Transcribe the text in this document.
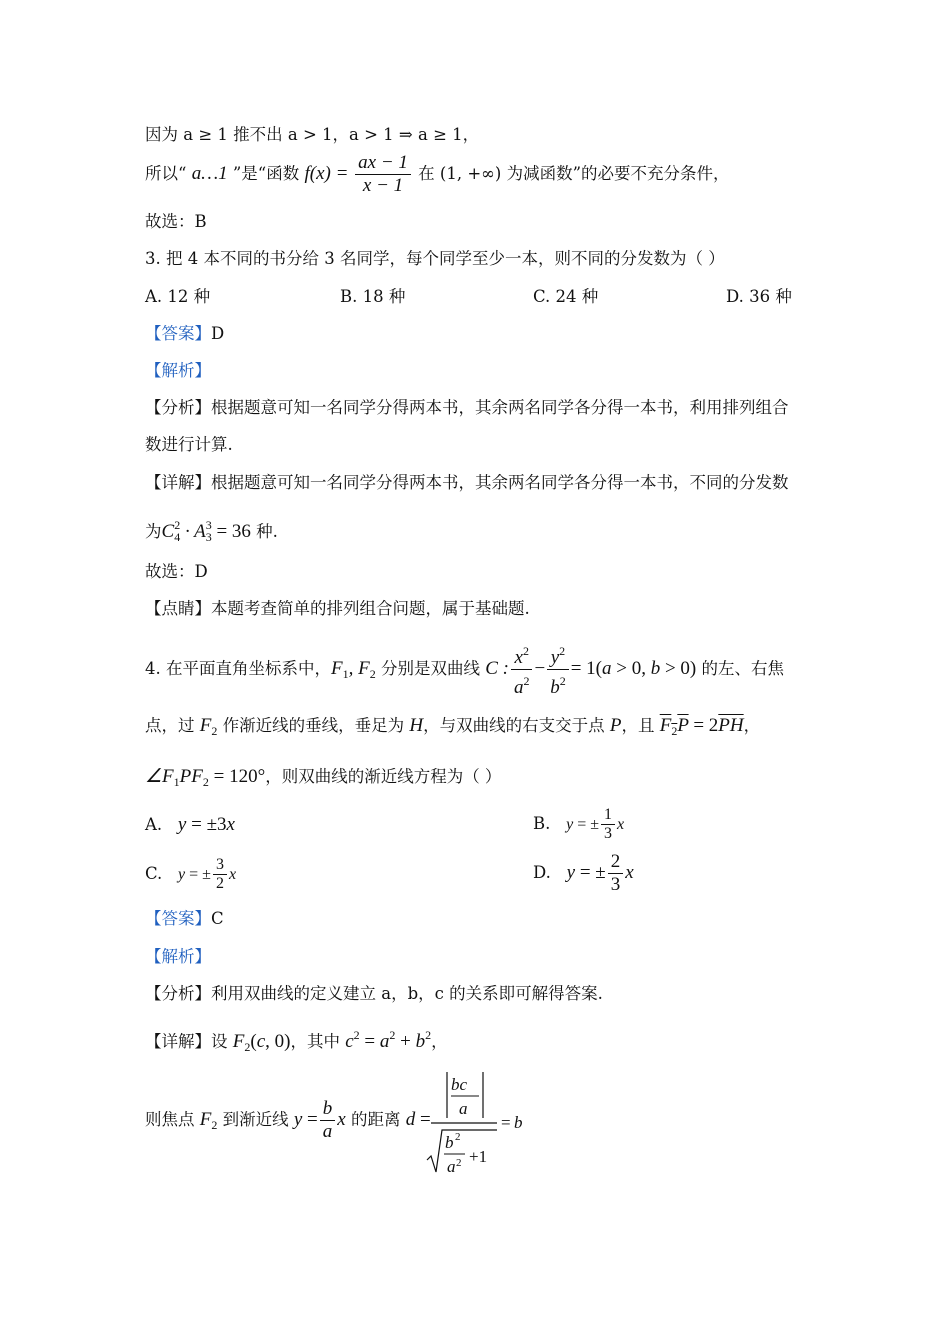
因为 a ≥ 1 推不出 a > 1，a > 1 ⇒ a ≥ 1，
所以“ a…1 ”是“函数 $f(x) = \frac{ax - 1}{x - 1}$ 在 (1, +∞) 为减函数”的必要不充分条件，
故选：B
3. 把 4 本不同的书分给 3 名同学，每个同学至少一本，则不同的分发数为（ ）
A. 12 种	B. 18 种	C. 24 种	D. 36 种
【答案】D
【解析】
【分析】根据题意可知一名同学分得两本书，其余两名同学各分得一本书，利用排列组合
数进行计算.
【详解】根据题意可知一名同学分得两本书，其余两名同学各分得一本书，不同的分发数
为$C_4^2 \cdot A_3^3 = 36$ 种.
故选：D
【点睛】本题考查简单的排列组合问题，属于基础题.
4. 在平面直角坐标系中，$F_1$, $F_2$ 分别是双曲线 C : $\frac{x^2}{a^2} - \frac{y^2}{b^2} = 1(a > 0$, b > 0) 的左、右焦
点，过 $F_2$ 作渐近线的垂线，垂足为 H，与双曲线的右支交于点 P，且 $F_2P = 2\overline{PH}$，
$\angle F_1PF_2 = 120^\circ$，则双曲线的渐近线方程为（ ）
A. y = ±3x	B. y = ± $\frac{1}{3}$ x
C. y = ± $\frac{3}{2}$ x	D. y = ± $\frac{2}{3}$ x
【答案】C
【解析】
【分析】利用双曲线的定义建立 a，b，c 的关系即可解得答案.
【详解】设 $F_2(c$, 0)，其中 $c^2 = a^2 + b^2$，
则焦点 $F_2$ 到渐近线 $y = \frac{b}{a}$ x 的距离 d =
bc
a
b 2
a 2 +1
= b
